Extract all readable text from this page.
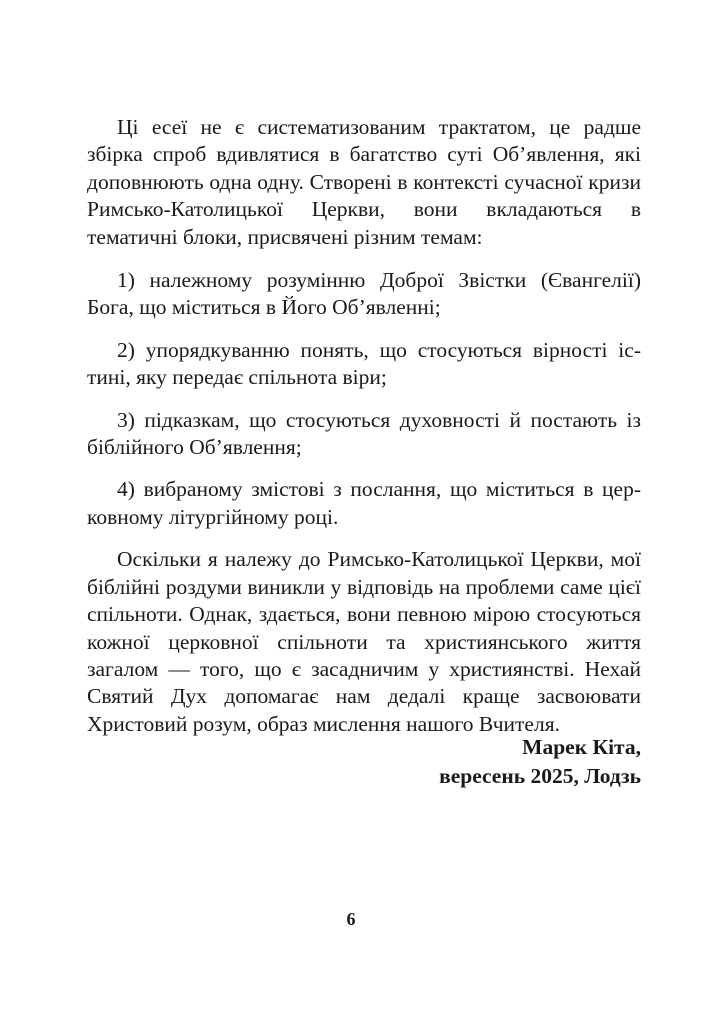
Ці есеї не є систематизованим трактатом, це радше збірка спроб вдивлятися в багатство суті Об’явлення, які доповнюють одна одну. Створені в контексті сучасної кризи Римсько-Католицької Церкви, вони вкладаються в тематичні блоки, присвячені різним темам:

1) належному розумінню Доброї Звістки (Євангелії) Бога, що міститься в Його Об’явленні;

2) упорядкуванню понять, що стосуються вірності істині, яку передає спільнота віри;

3) підказкам, що стосуються духовності й постають із біблійного Об’явлення;

4) вибраному змістові з послання, що міститься в церковному літургійному році.

Оскільки я належу до Римсько-Католицької Церкви, мої біблійні роздуми виникли у відповідь на проблеми саме цієї спільноти. Однак, здається, вони певною мірою стосуються кожної церковної спільноти та християнського життя загалом — того, що є засадничим у християнстві. Нехай Святий Дух допомагає нам дедалі краще засвоювати Христовий розум, образ мислення нашого Вчителя.

Марек Кіта,
вересень 2025, Лодзь
6
